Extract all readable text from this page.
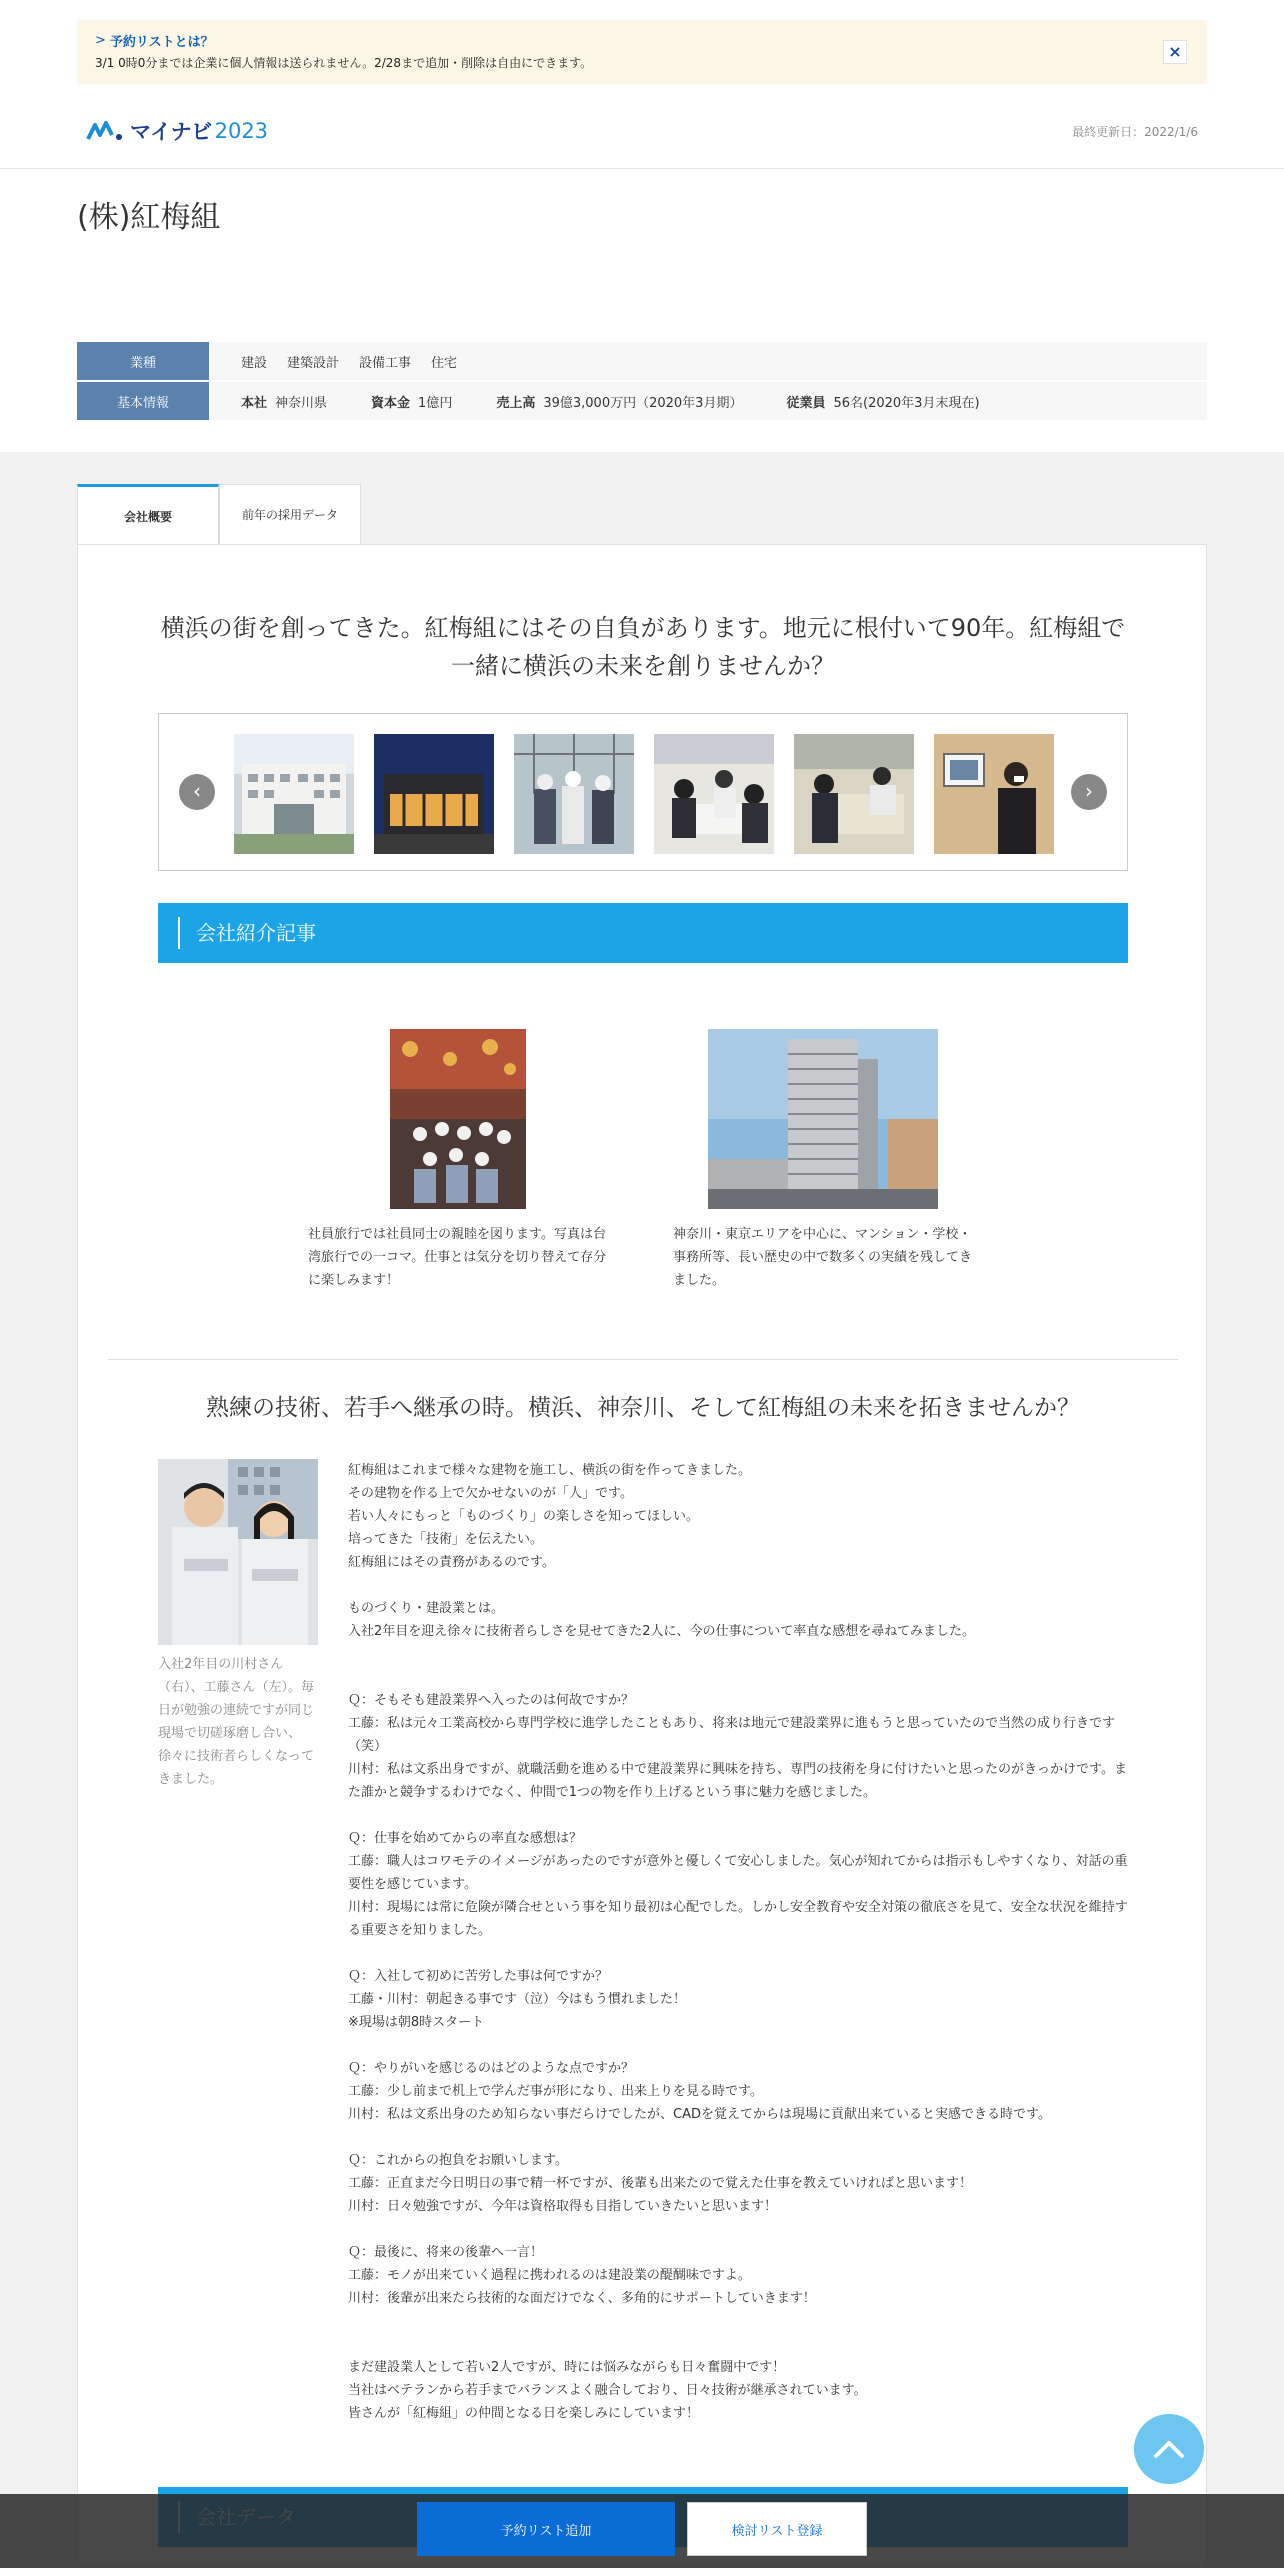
> 予約リストとは？
3/1 0時0分までは企業に個人情報は送られません。2/28まで追加・削除は自由にできます。
×
マイナビ 2023	最終更新日：2022/1/6
(株)紅梅組
業種	建設 建築設計 設備工事 住宅
基本情報	本社 神奈川県	資本金 1億円	売上高 39億3,000万円（2020年3月期）	従業員 56名(2020年3月末現在)
会社概要	前年の採用データ
横浜の街を創ってきた。紅梅組にはその自負があります。地元に根付いて90年。紅梅組で一緒に横浜の未来を創りませんか？
‹	›
会社紹介記事
社員旅行では社員同士の親睦を図ります。写真は台湾旅行での一コマ。仕事とは気分を切り替えて存分に楽しみます！
神奈川・東京エリアを中心に、マンション・学校・事務所等、長い歴史の中で数多くの実績を残してきました。
熟練の技術、若手へ継承の時。横浜、神奈川、そして紅梅組の未来を拓きませんか？
入社2年目の川村さん（右）、工藤さん（左）。毎日が勉強の連続ですが同じ現場で切磋琢磨し合い、徐々に技術者らしくなってきました。
紅梅組はこれまで様々な建物を施工し、横浜の街を作ってきました。
その建物を作る上で欠かせないのが「人」です。
若い人々にもっと「ものづくり」の楽しさを知ってほしい。
培ってきた「技術」を伝えたい。
紅梅組にはその責務があるのです。

ものづくり・建設業とは。
入社2年目を迎え徐々に技術者らしさを見せてきた2人に、今の仕事について率直な感想を尋ねてみました。

Ｑ：そもそも建設業界へ入ったのは何故ですか？
工藤：私は元々工業高校から専門学校に進学したこともあり、将来は地元で建設業界に進もうと思っていたので当然の成り行きです（笑）
川村：私は文系出身ですが、就職活動を進める中で建設業界に興味を持ち、専門の技術を身に付けたいと思ったのがきっかけです。また誰かと競争するわけでなく、仲間で1つの物を作り上げるという事に魅力を感じました。

Ｑ：仕事を始めてからの率直な感想は？
工藤：職人はコワモテのイメージがあったのですが意外と優しくて安心しました。気心が知れてからは指示もしやすくなり、対話の重要性を感じています。
川村：現場には常に危険が隣合せという事を知り最初は心配でした。しかし安全教育や安全対策の徹底さを見て、安全な状況を維持する重要さを知りました。

Ｑ：入社して初めに苦労した事は何ですか？
工藤・川村：朝起きる事です（泣）今はもう慣れました！
※現場は朝8時スタート

Ｑ：やりがいを感じるのはどのような点ですか？
工藤：少し前まで机上で学んだ事が形になり、出来上りを見る時です。
川村：私は文系出身のため知らない事だらけでしたが、CADを覚えてからは現場に貢献出来ていると実感できる時です。

Ｑ：これからの抱負をお願いします。
工藤：正直まだ今日明日の事で精一杯ですが、後輩も出来たので覚えた仕事を教えていければと思います！
川村：日々勉強ですが、今年は資格取得も目指していきたいと思います！

Ｑ：最後に、将来の後輩へ一言！
工藤：モノが出来ていく過程に携われるのは建設業の醍醐味ですよ。
川村：後輩が出来たら技術的な面だけでなく、多角的にサポートしていきます！

まだ建設業人として若い2人ですが、時には悩みながらも日々奮闘中です！
当社はベテランから若手までバランスよく融合しており、日々技術が継承されています。
皆さんが「紅梅組」の仲間となる日を楽しみにしています！
予約リスト追加	検討リスト登録
